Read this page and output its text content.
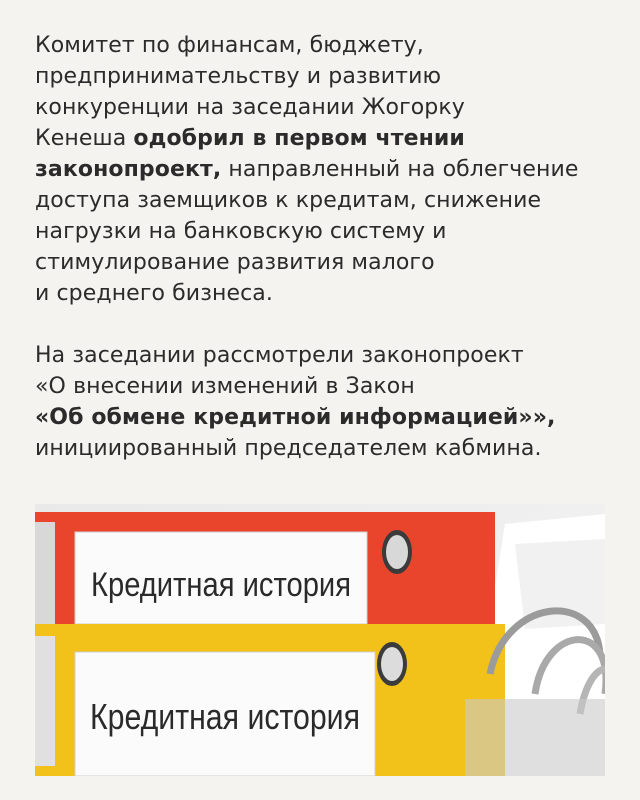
Комитет по финансам, бюджету,
предпринимательству и развитию
конкуренции на заседании Жогорку
Кенеша одобрил в первом чтении
законопроект, направленный на облегчение
доступа заемщиков к кредитам, снижение
нагрузки на банковскую систему и
стимулирование развития малого
и среднего бизнеса.

На заседании рассмотрели законопроект
«О внесении изменений в Закон
«Об обмене кредитной информацией»»,
инициированный председателем кабмина.

Кредитная история
Кредитная история
